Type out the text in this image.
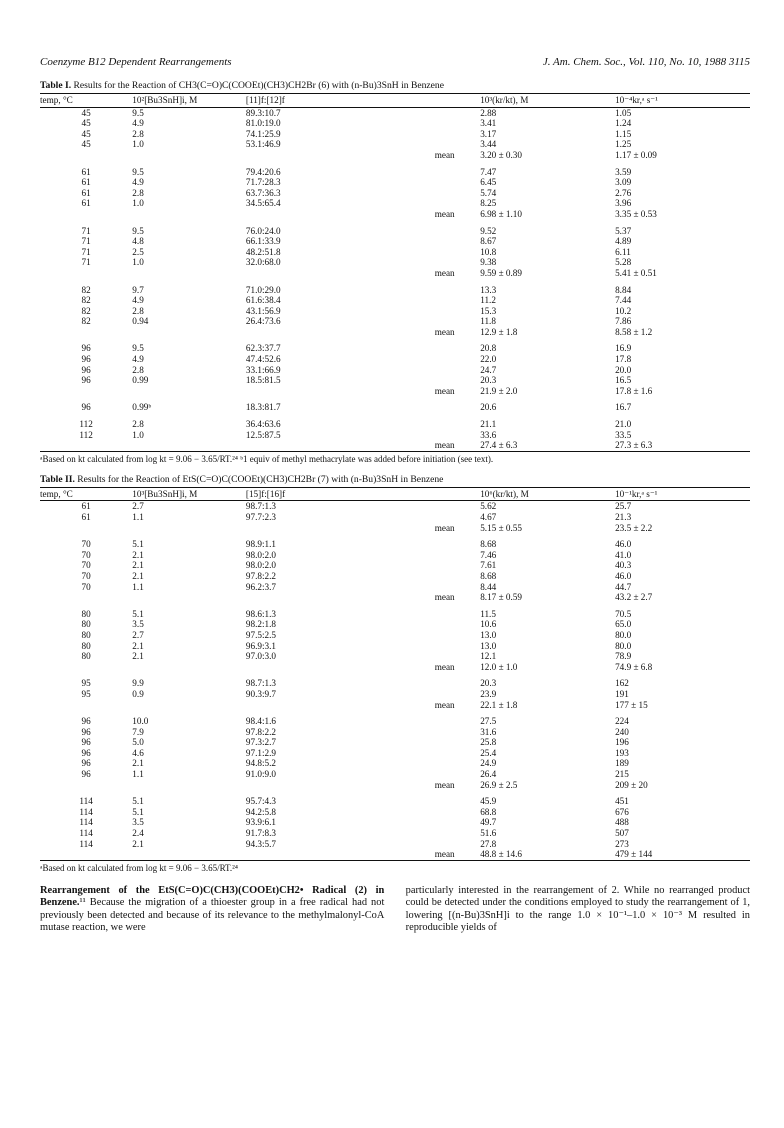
Coenzyme B12 Dependent Rearrangements	J. Am. Chem. Soc., Vol. 110, No. 10, 1988 3115

Table I. Results for the Reaction of CH3(C=O)C(COOEt)(CH3)CH2Br (6) with (n-Bu)3SnH in Benzene

temp, °C	10²[Bu3SnH]i, M	[11]f:[12]f		10³(kr/kt), M	10⁻⁴kr,ᵃ s⁻¹
45	9.5	89.3:10.7		2.88	1.05
45	4.9	81.0:19.0		3.41	1.24
45	2.8	74.1:25.9		3.17	1.15
45	1.0	53.1:46.9		3.44	1.25
			mean	3.20 ± 0.30	1.17 ± 0.09

61	9.5	79.4:20.6		7.47	3.59
61	4.9	71.7:28.3		6.45	3.09
61	2.8	63.7:36.3		5.74	2.76
61	1.0	34.5:65.4		8.25	3.96
			mean	6.98 ± 1.10	3.35 ± 0.53

71	9.5	76.0:24.0		9.52	5.37
71	4.8	66.1:33.9		8.67	4.89
71	2.5	48.2:51.8		10.8	6.11
71	1.0	32.0:68.0		9.38	5.28
			mean	9.59 ± 0.89	5.41 ± 0.51

82	9.7	71.0:29.0		13.3	8.84
82	4.9	61.6:38.4		11.2	7.44
82	2.8	43.1:56.9		15.3	10.2
82	0.94	26.4:73.6		11.8	7.86
			mean	12.9 ± 1.8	8.58 ± 1.2

96	9.5	62.3:37.7		20.8	16.9
96	4.9	47.4:52.6		22.0	17.8
96	2.8	33.1:66.9		24.7	20.0
96	0.99	18.5:81.5		20.3	16.5
			mean	21.9 ± 2.0	17.8 ± 1.6

96	0.99ᵇ	18.3:81.7		20.6	16.7

112	2.8	36.4:63.6		21.1	21.0
112	1.0	12.5:87.5		33.6	33.5
			mean	27.4 ± 6.3	27.3 ± 6.3
ᵃBased on kt calculated from log kt = 9.06 − 3.65/RT.²⁴ ᵇ1 equiv of methyl methacrylate was added before initiation (see text).

Table II. Results for the Reaction of EtS(C=O)C(COOEt)(CH3)CH2Br (7) with (n-Bu)3SnH in Benzene

temp, °C	10³[Bu3SnH]i, M	[15]f:[16]f		10⁶(kr/kt), M	10⁻¹kr,ᵃ s⁻¹
61	2.7	98.7:1.3		5.62	25.7
61	1.1	97.7:2.3		4.67	21.3
			mean	5.15 ± 0.55	23.5 ± 2.2

70	5.1	98.9:1.1		8.68	46.0
70	2.1	98.0:2.0		7.46	41.0
70	2.1	98.0:2.0		7.61	40.3
70	2.1	97.8:2.2		8.68	46.0
70	1.1	96.2:3.7		8.44	44.7
			mean	8.17 ± 0.59	43.2 ± 2.7

80	5.1	98.6:1.3		11.5	70.5
80	3.5	98.2:1.8		10.6	65.0
80	2.7	97.5:2.5		13.0	80.0
80	2.1	96.9:3.1		13.0	80.0
80	2.1	97.0:3.0		12.1	78.9
			mean	12.0 ± 1.0	74.9 ± 6.8

95	9.9	98.7:1.3		20.3	162
95	0.9	90.3:9.7		23.9	191
			mean	22.1 ± 1.8	177 ± 15

96	10.0	98.4:1.6		27.5	224
96	7.9	97.8:2.2		31.6	240
96	5.0	97.3:2.7		25.8	196
96	4.6	97.1:2.9		25.4	193
96	2.1	94.8:5.2		24.9	189
96	1.1	91.0:9.0		26.4	215
			mean	26.9 ± 2.5	209 ± 20

114	5.1	95.7:4.3		45.9	451
114	5.1	94.2:5.8		68.8	676
114	3.5	93.9:6.1		49.7	488
114	2.4	91.7:8.3		51.6	507
114	2.1	94.3:5.7		27.8	273
			mean	48.8 ± 14.6	479 ± 144
ᵃBased on kt calculated from log kt = 9.06 − 3.65/RT.²⁴
Rearrangement of the EtS(C=O)C(CH3)(COOEt)CH2• Radical (2) in Benzene.¹¹ Because the migration of a thioester group in a free radical had not previously been detected and because of its relevance to the methylmalonyl-CoA mutase reaction, we were
particularly interested in the rearrangement of 2. While no rearranged product could be detected under the conditions employed to study the rearrangement of 1, lowering [(n-Bu)3SnH]i to the range 1.0 × 10⁻¹–1.0 × 10⁻³ M resulted in reproducible yields of
